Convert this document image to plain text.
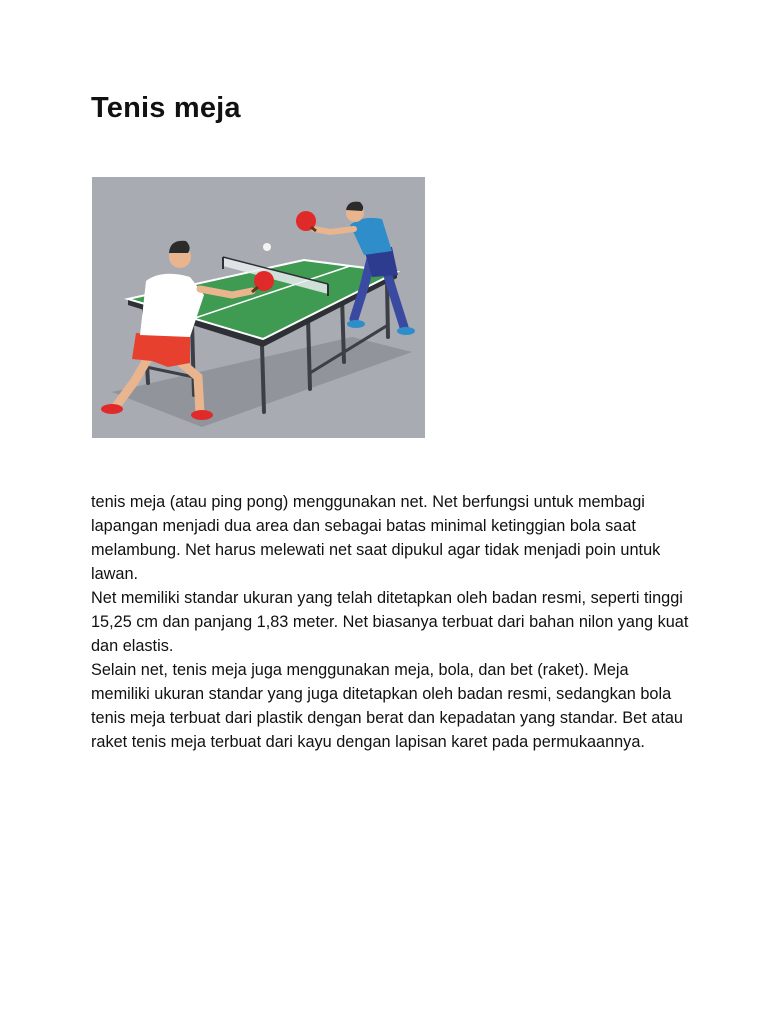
Tenis meja

tenis meja (atau ping pong) menggunakan net. Net berfungsi untuk membagi lapangan menjadi dua area dan sebagai batas minimal ketinggian bola saat melambung. Net harus melewati net saat dipukul agar tidak menjadi poin untuk lawan.

Net memiliki standar ukuran yang telah ditetapkan oleh badan resmi, seperti tinggi 15,25 cm dan panjang 1,83 meter. Net biasanya terbuat dari bahan nilon yang kuat dan elastis.

Selain net, tenis meja juga menggunakan meja, bola, dan bet (raket). Meja memiliki ukuran standar yang juga ditetapkan oleh badan resmi, sedangkan bola tenis meja terbuat dari plastik dengan berat dan kepadatan yang standar. Bet atau raket tenis meja terbuat dari kayu dengan lapisan karet pada permukaannya.
